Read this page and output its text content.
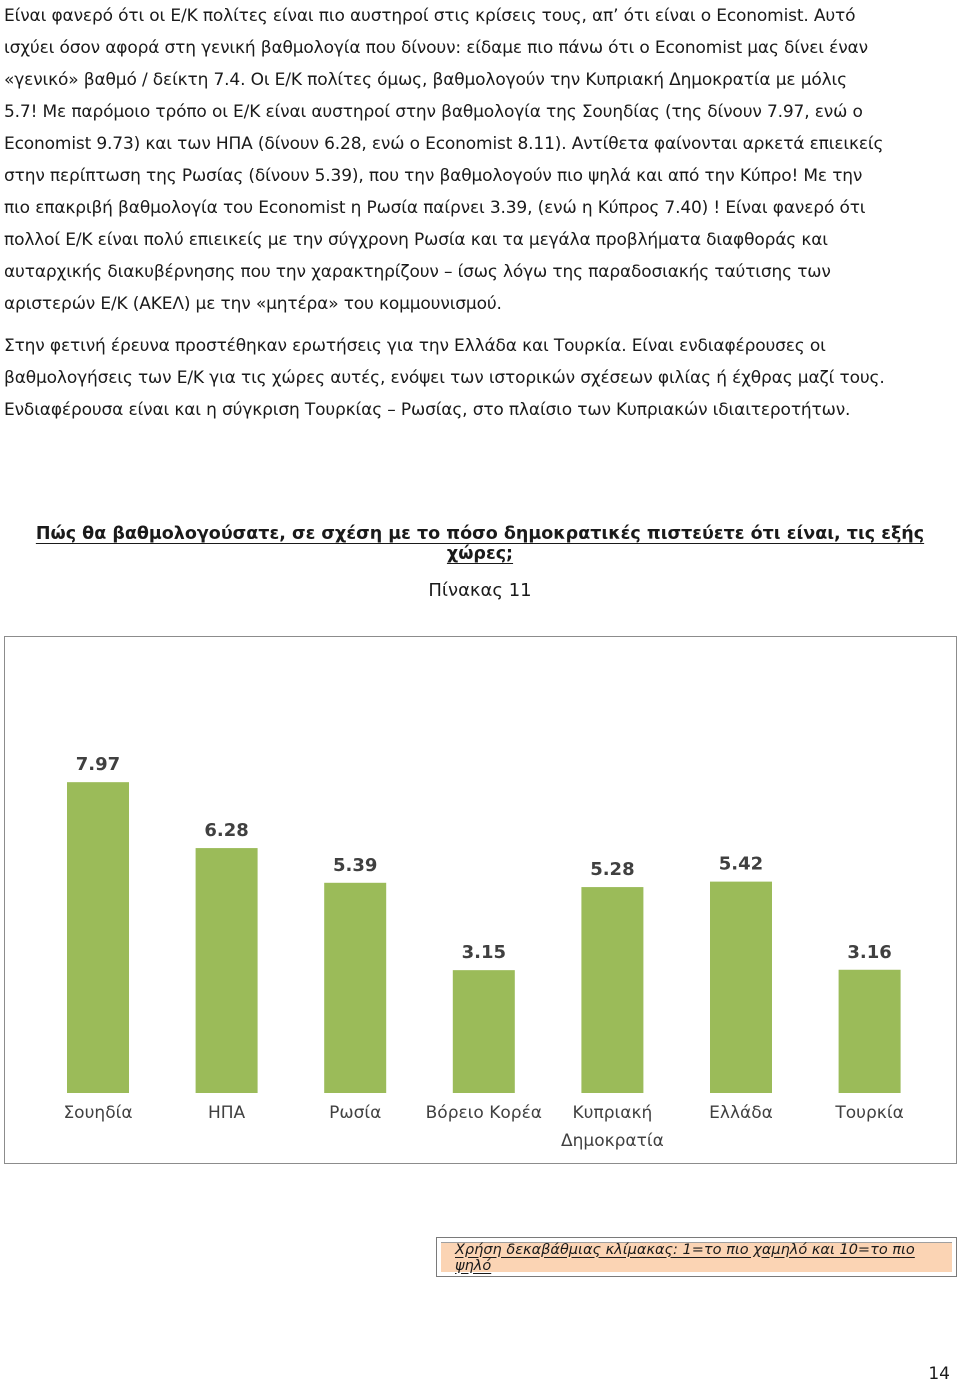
Είναι φανερό ότι οι Ε/Κ πολίτες είναι πιο αυστηροί στις κρίσεις τους, απ’ ότι είναι ο Economist. Αυτό
ισχύει όσον αφορά στη γενική βαθμολογία που δίνουν: είδαμε πιο πάνω ότι ο Economist μας δίνει έναν
«γενικό» βαθμό / δείκτη 7.4. Οι Ε/Κ πολίτες όμως, βαθμολογούν την Κυπριακή Δημοκρατία με μόλις
5.7! Με παρόμοιο τρόπο οι Ε/Κ είναι αυστηροί στην βαθμολογία της Σουηδίας (της δίνουν 7.97, ενώ ο
Economist 9.73) και των ΗΠΑ (δίνουν 6.28, ενώ ο Economist 8.11). Αντίθετα φαίνονται αρκετά επιεικείς
στην περίπτωση της Ρωσίας (δίνουν 5.39), που την βαθμολογούν πιο ψηλά και από την Κύπρο! Με την
πιο επακριβή βαθμολογία του Economist η Ρωσία παίρνει 3.39, (ενώ η Κύπρος 7.40) ! Είναι φανερό ότι
πολλοί Ε/Κ είναι πολύ επιεικείς με την σύγχρονη Ρωσία και τα μεγάλα προβλήματα διαφθοράς και
αυταρχικής διακυβέρνησης που την χαρακτηρίζουν – ίσως λόγω της παραδοσιακής ταύτισης των
αριστερών Ε/Κ (ΑΚΕΛ) με την «μητέρα» του κομμουνισμού.
Στην φετινή έρευνα προστέθηκαν ερωτήσεις για την Ελλάδα και Τουρκία. Είναι ενδιαφέρουσες οι
βαθμολογήσεις των Ε/Κ για τις χώρες αυτές, ενόψει των ιστορικών σχέσεων φιλίας ή έχθρας μαζί τους.
Ενδιαφέρουσα είναι και η σύγκριση Τουρκίας – Ρωσίας, στο πλαίσιο των Κυπριακών ιδιαιτεροτήτων.

Πώς θα βαθμολογούσατε, σε σχέση με το πόσο δημοκρατικές πιστεύετε ότι είναι, τις εξής χώρες;

Πίνακας 11

7.97
Σουηδία
6.28
ΗΠΑ
5.39
Ρωσία
3.15
Βόρειο Κορέα
5.28
Κυπριακή
Δημοκρατία
5.42
Ελλάδα
3.16
Τουρκία
Χρήση δεκαβάθμιας κλίμακας: 1=το πιο χαμηλό και 10=το πιο ψηλό

14
